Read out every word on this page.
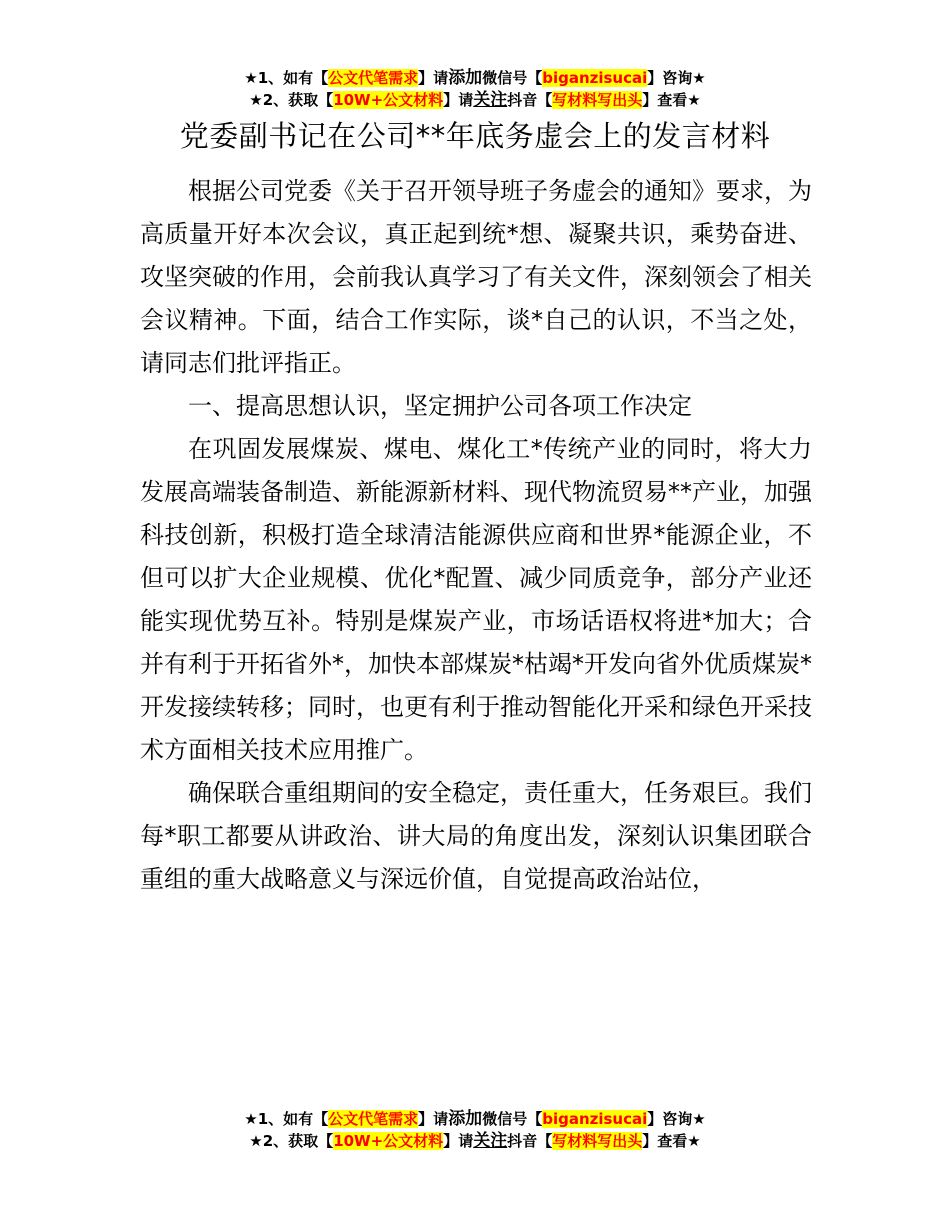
★1、如有【公文代笔需求】请添加微信号【biganzisucai】咨询★
★2、获取【10W+公文材料】请关注抖音【写材料写出头】查看★
党委副书记在公司**年底务虚会上的发言材料

根据公司党委《关于召开领导班子务虚会的通知》要求，为高质量开好本次会议，真正起到统*想、凝聚共识，乘势奋进、攻坚突破的作用，会前我认真学习了有关文件，深刻领会了相关会议精神。下面，结合工作实际，谈*自己的认识，不当之处，请同志们批评指正。

一、提高思想认识，坚定拥护公司各项工作决定

在巩固发展煤炭、煤电、煤化工*传统产业的同时，将大力发展高端装备制造、新能源新材料、现代物流贸易**产业，加强科技创新，积极打造全球清洁能源供应商和世界*能源企业，不但可以扩大企业规模、优化*配置、减少同质竞争，部分产业还能实现优势互补。特别是煤炭产业，市场话语权将进*加大；合并有利于开拓省外*，加快本部煤炭*枯竭*开发向省外优质煤炭*开发接续转移；同时，也更有利于推动智能化开采和绿色开采技术方面相关技术应用推广。

确保联合重组期间的安全稳定，责任重大，任务艰巨。我们每*职工都要从讲政治、讲大局的角度出发，深刻认识集团联合重组的重大战略意义与深远价值，自觉提高政治站位，

★1、如有【公文代笔需求】请添加微信号【biganzisucai】咨询★
★2、获取【10W+公文材料】请关注抖音【写材料写出头】查看★
